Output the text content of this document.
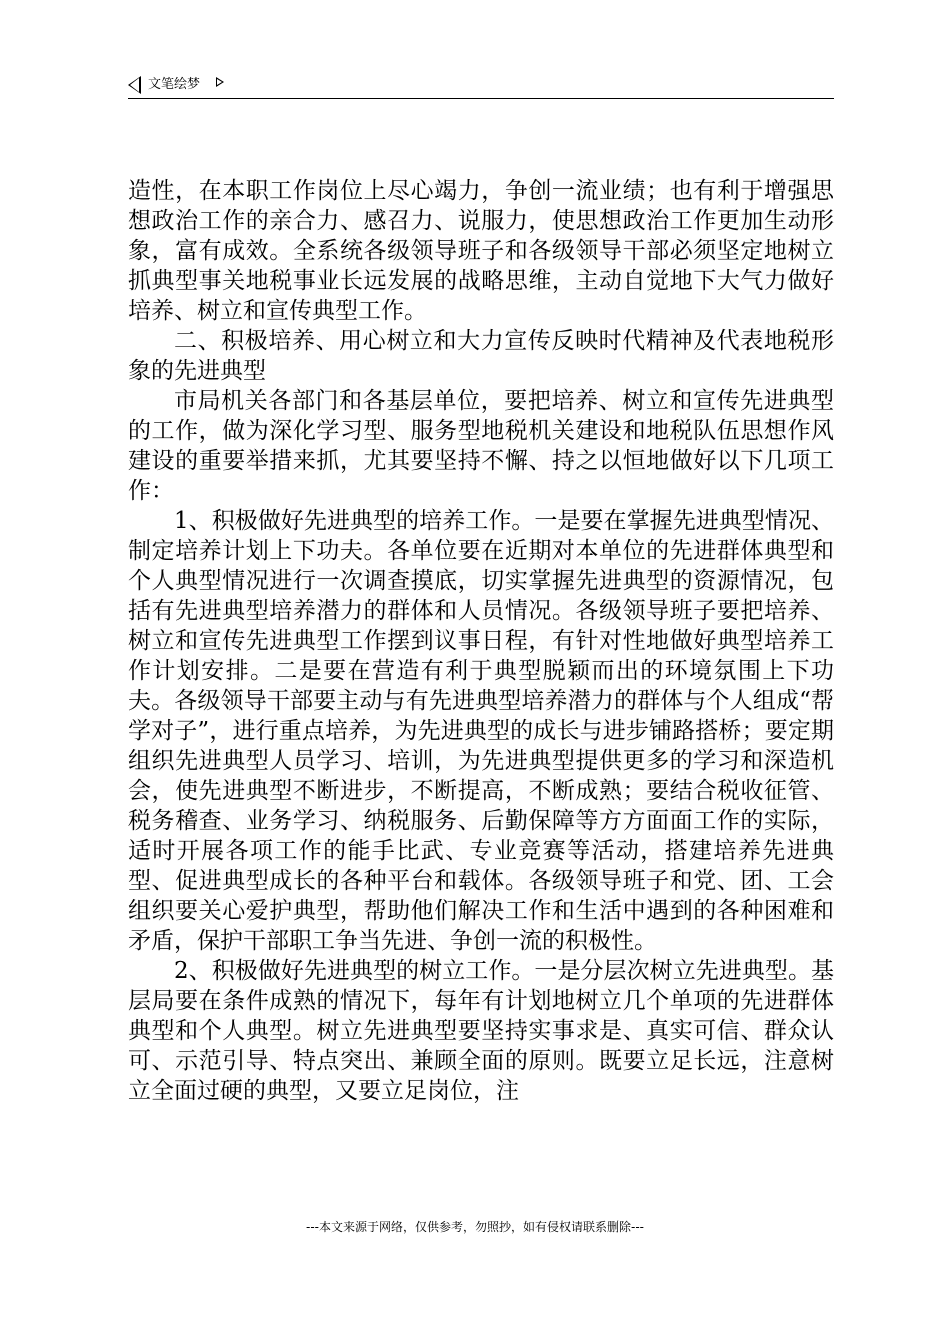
文笔绘梦

造性，在本职工作岗位上尽心竭力，争创一流业绩；也有利于增强思想政治工作的亲合力、感召力、说服力，使思想政治工作更加生动形象，富有成效。全系统各级领导班子和各级领导干部必须坚定地树立抓典型事关地税事业长远发展的战略思维，主动自觉地下大气力做好培养、树立和宣传典型工作。

二、积极培养、用心树立和大力宣传反映时代精神及代表地税形象的先进典型

市局机关各部门和各基层单位，要把培养、树立和宣传先进典型的工作，做为深化学习型、服务型地税机关建设和地税队伍思想作风建设的重要举措来抓，尤其要坚持不懈、持之以恒地做好以下几项工作：

1、积极做好先进典型的培养工作。一是要在掌握先进典型情况、制定培养计划上下功夫。各单位要在近期对本单位的先进群体典型和个人典型情况进行一次调查摸底，切实掌握先进典型的资源情况，包括有先进典型培养潜力的群体和人员情况。各级领导班子要把培养、树立和宣传先进典型工作摆到议事日程，有针对性地做好典型培养工作计划安排。二是要在营造有利于典型脱颖而出的环境氛围上下功夫。各级领导干部要主动与有先进典型培养潜力的群体与个人组成“帮学对子”，进行重点培养，为先进典型的成长与进步铺路搭桥；要定期组织先进典型人员学习、培训，为先进典型提供更多的学习和深造机会，使先进典型不断进步，不断提高，不断成熟；要结合税收征管、税务稽查、业务学习、纳税服务、后勤保障等方方面面工作的实际，适时开展各项工作的能手比武、专业竞赛等活动，搭建培养先进典型、促进典型成长的各种平台和载体。各级领导班子和党、团、工会组织要关心爱护典型，帮助他们解决工作和生活中遇到的各种困难和矛盾，保护干部职工争当先进、争创一流的积极性。

2、积极做好先进典型的树立工作。一是分层次树立先进典型。基层局要在条件成熟的情况下，每年有计划地树立几个单项的先进群体典型和个人典型。树立先进典型要坚持实事求是、真实可信、群众认可、示范引导、特点突出、兼顾全面的原则。既要立足长远，注意树立全面过硬的典型，又要立足岗位，注

---本文来源于网络，仅供参考，勿照抄，如有侵权请联系删除---
